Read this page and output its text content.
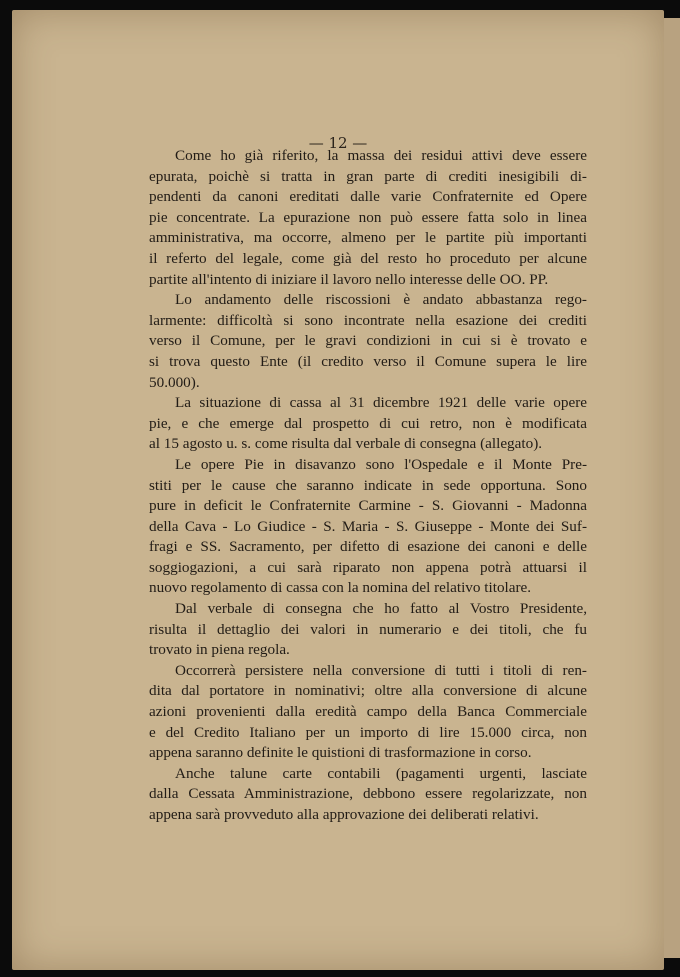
— 12 —
Come ho già riferito, la massa dei residui attivi deve essere
epurata, poichè si tratta in gran parte di crediti inesigibili di-
pendenti da canoni ereditati dalle varie Confraternite ed Opere
pie concentrate. La epurazione non può essere fatta solo in linea
amministrativa, ma occorre, almeno per le partite più importanti
il referto del legale, come già del resto ho proceduto per alcune
partite all'intento di iniziare il lavoro nello interesse delle OO. PP.
Lo andamento delle riscossioni è andato abbastanza rego-
larmente: difficoltà si sono incontrate nella esazione dei crediti
verso il Comune, per le gravi condizioni in cui si è trovato e
si trova questo Ente (il credito verso il Comune supera le lire
50.000).
La situazione di cassa al 31 dicembre 1921 delle varie opere
pie, e che emerge dal prospetto di cui retro, non è modificata
al 15 agosto u. s. come risulta dal verbale di consegna (allegato).
Le opere Pie in disavanzo sono l'Ospedale e il Monte Pre-
stiti per le cause che saranno indicate in sede opportuna. Sono
pure in deficit le Confraternite Carmine - S. Giovanni - Madonna
della Cava - Lo Giudice - S. Maria - S. Giuseppe - Monte dei Suf-
fragi e SS. Sacramento, per difetto di esazione dei canoni e delle
soggiogazioni, a cui sarà riparato non appena potrà attuarsi il
nuovo regolamento di cassa con la nomina del relativo titolare.
Dal verbale di consegna che ho fatto al Vostro Presidente,
risulta il dettaglio dei valori in numerario e dei titoli, che fu
trovato in piena regola.
Occorrerà persistere nella conversione di tutti i titoli di ren-
dita dal portatore in nominativi; oltre alla conversione di alcune
azioni provenienti dalla eredità campo della Banca Commerciale
e del Credito Italiano per un importo di lire 15.000 circa, non
appena saranno definite le quistioni di trasformazione in corso.
Anche talune carte contabili (pagamenti urgenti, lasciate
dalla Cessata Amministrazione, debbono essere regolarizzate, non
appena sarà provveduto alla approvazione dei deliberati relativi.
